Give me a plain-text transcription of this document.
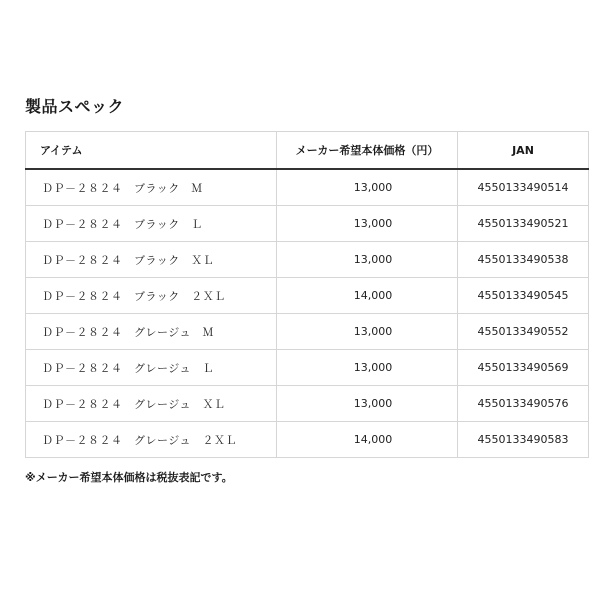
製品スペック
アイテム	メーカー希望本体価格（円）	JAN
ＤＰ－２８２４　ブラック　Ｍ	13,000	4550133490514
ＤＰ－２８２４　ブラック　Ｌ	13,000	4550133490521
ＤＰ－２８２４　ブラック　ＸＬ	13,000	4550133490538
ＤＰ－２８２４　ブラック　２ＸＬ	14,000	4550133490545
ＤＰ－２８２４　グレージュ　Ｍ	13,000	4550133490552
ＤＰ－２８２４　グレージュ　Ｌ	13,000	4550133490569
ＤＰ－２８２４　グレージュ　ＸＬ	13,000	4550133490576
ＤＰ－２８２４　グレージュ　２ＸＬ	14,000	4550133490583
※メーカー希望本体価格は税抜表記です。
